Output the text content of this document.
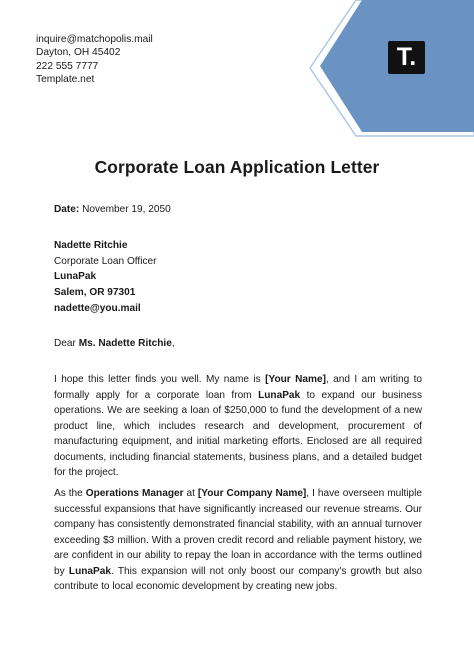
T.
inquire@matchopolis.mail
Dayton, OH 45402
222 555 7777
Template.net
Corporate Loan Application Letter
Date: November 19, 2050
Nadette Ritchie
Corporate Loan Officer
LunaPak
Salem, OR 97301
nadette@you.mail
Dear Ms. Nadette Ritchie,
I hope this letter finds you well. My name is [Your Name], and I am writing to formally apply for a corporate loan from LunaPak to expand our business operations. We are seeking a loan of $250,000 to fund the development of a new product line, which includes research and development, procurement of manufacturing equipment, and initial marketing efforts. Enclosed are all required documents, including financial statements, business plans, and a detailed budget for the project.
As the Operations Manager at [Your Company Name], I have overseen multiple successful expansions that have significantly increased our revenue streams. Our company has consistently demonstrated financial stability, with an annual turnover exceeding $3 million. With a proven credit record and reliable payment history, we are confident in our ability to repay the loan in accordance with the terms outlined by LunaPak. This expansion will not only boost our company's growth but also contribute to local economic development by creating new jobs.
